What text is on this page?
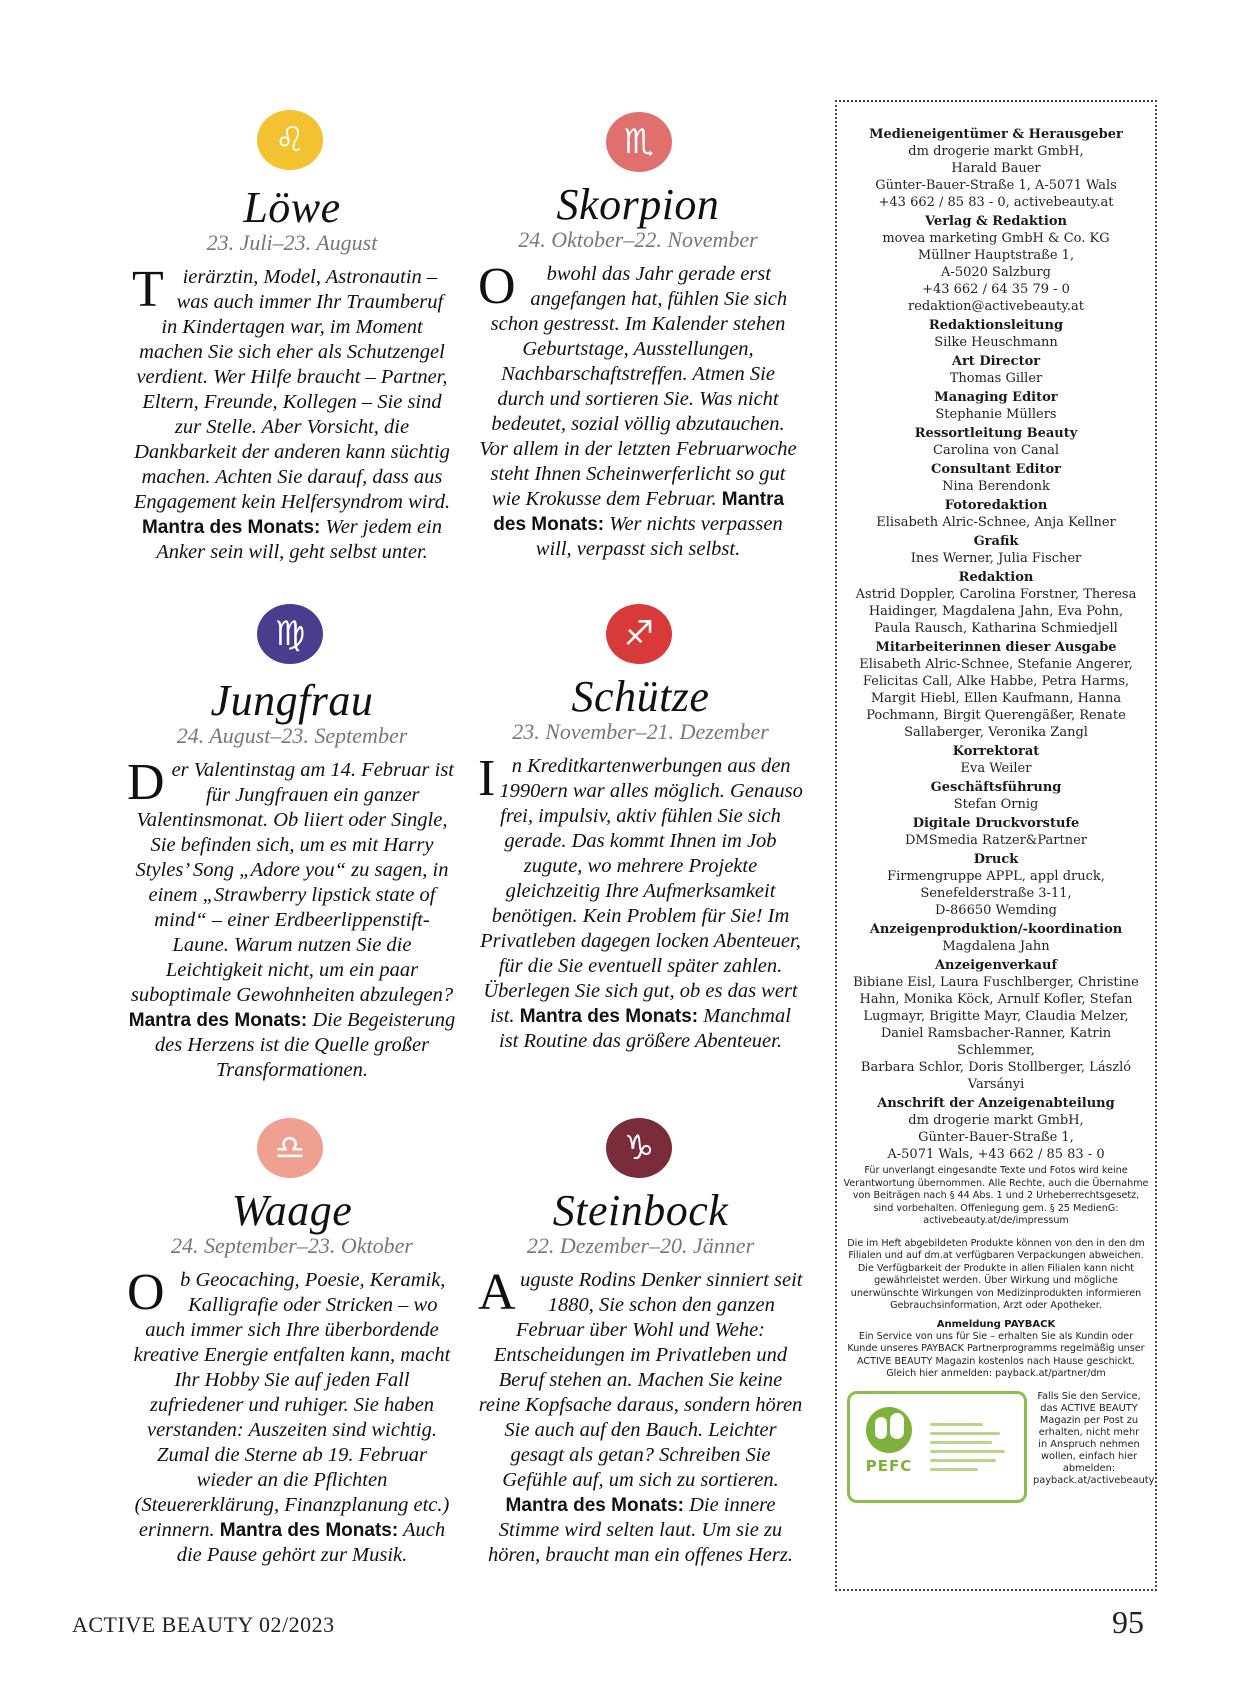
♌
Löwe
23. Juli–23. August
Tierärztin, Model, Astronautin – was auch immer Ihr Traumberuf in Kindertagen war, im Moment machen Sie sich eher als Schutzengel verdient. Wer Hilfe braucht – Partner, Eltern, Freunde, Kollegen – Sie sind zur Stelle. Aber Vorsicht, die Dankbarkeit der anderen kann süchtig machen. Achten Sie darauf, dass aus Engagement kein Helfersyndrom wird. Mantra des Monats: Wer jedem ein Anker sein will, geht selbst unter.
♏
Skorpion
24. Oktober–22. November
O bwohl das Jahr gerade erst angefangen hat, fühlen Sie sich schon gestresst. Im Kalender stehen Geburtstage, Ausstellungen, Nachbarschaftstreffen. Atmen Sie durch und sortieren Sie. Was nicht bedeutet, sozial völlig abzutauchen. Vor allem in der letzten Februarwoche steht Ihnen Scheinwerferlicht so gut wie Krokusse dem Februar. Mantra des Monats: Wer nichts verpassen will, verpasst sich selbst.
♍
Jungfrau
24. August–23. September
Der Valentinstag am 14. Februar ist für Jungfrauen ein ganzer Valentinsmonat. Ob liiert oder Single, Sie befinden sich, um es mit Harry Styles’ Song „Adore you“ zu sagen, in einem „Strawberry lipstick state of mind“ – einer Erdbeerlippenstift-Laune. Warum nutzen Sie die Leichtigkeit nicht, um ein paar suboptimale Gewohnheiten abzulegen? Mantra des Monats: Die Begeisterung des Herzens ist die Quelle großer Transformationen.
♐
Schütze
23. November–21. Dezember
In Kreditkartenwerbungen aus den 1990ern war alles möglich. Genauso frei, impulsiv, aktiv fühlen Sie sich gerade. Das kommt Ihnen im Job zugute, wo mehrere Projekte gleichzeitig Ihre Aufmerksamkeit benötigen. Kein Problem für Sie! Im Privatleben dagegen locken Abenteuer, für die Sie eventuell später zahlen. Überlegen Sie sich gut, ob es das wert ist. Mantra des Monats: Manchmal ist Routine das größere Abenteuer.
♎
Waage
24. September–23. Oktober
Ob Geocaching, Poesie, Keramik, Kalligrafie oder Stricken – wo auch immer sich Ihre überbordende kreative Energie entfalten kann, macht Ihr Hobby Sie auf jeden Fall zufriedener und ruhiger. Sie haben verstanden: Auszeiten sind wichtig. Zumal die Sterne ab 19. Februar wieder an die Pflichten (Steuererklärung, Finanzplanung etc.) erinnern. Mantra des Monats: Auch die Pause gehört zur Musik.
♑
Steinbock
22. Dezember–20. Jänner
Auguste Rodins Denker sinniert seit 1880, Sie schon den ganzen Februar über Wohl und Wehe: Entscheidungen im Privatleben und Beruf stehen an. Machen Sie keine reine Kopfsache daraus, sondern hören Sie auch auf den Bauch. Leichter gesagt als getan? Schreiben Sie Gefühle auf, um sich zu sortieren. Mantra des Monats: Die innere Stimme wird selten laut. Um sie zu hören, braucht man ein offenes Herz.
Medieneigentümer & Herausgeber
dm drogerie markt GmbH,
Harald Bauer
Günter-Bauer-Straße 1, A-5071 Wals
+43 662 / 85 83 - 0, activebeauty.at
Verlag & Redaktion
movea marketing GmbH & Co. KG
Müllner Hauptstraße 1,
A-5020 Salzburg
+43 662 / 64 35 79 - 0
redaktion@activebeauty.at
Redaktionsleitung
Silke Heuschmann
Art Director
Thomas Giller
Managing Editor
Stephanie Müllers
Ressortleitung Beauty
Carolina von Canal
Consultant Editor
Nina Berendonk
Fotoredaktion
Elisabeth Alric-Schnee, Anja Kellner
Grafik
Ines Werner, Julia Fischer
Redaktion
Astrid Doppler, Carolina Forstner, Theresa
Haidinger, Magdalena Jahn, Eva Pohn,
Paula Rausch, Katharina Schmiedjell
Mitarbeiterinnen dieser Ausgabe
Elisabeth Alric-Schnee, Stefanie Angerer,
Felicitas Call, Alke Habbe, Petra Harms,
Margit Hiebl, Ellen Kaufmann, Hanna
Pochmann, Birgit Querengäßer, Renate
Sallaberger, Veronika Zangl
Korrektorat
Eva Weiler
Geschäftsführung
Stefan Ornig
Digitale Druckvorstufe
DMSmedia Ratzer&Partner
Druck
Firmengruppe APPL, appl druck,
Senefelderstraße 3-11,
D-86650 Wemding
Anzeigenproduktion/-koordination
Magdalena Jahn
Anzeigenverkauf
Bibiane Eisl, Laura Fuschlberger, Christine
Hahn, Monika Köck, Arnulf Kofler, Stefan
Lugmayr, Brigitte Mayr, Claudia Melzer,
Daniel Ramsbacher-Ranner, Katrin Schlemmer,
Barbara Schlor, Doris Stollberger, László
Varsányi
Anschrift der Anzeigenabteilung
dm drogerie markt GmbH,
Günter-Bauer-Straße 1,
A-5071 Wals, +43 662 / 85 83 - 0
Für unverlangt eingesandte Texte und Fotos wird keine Verantwortung übernommen. Alle Rechte, auch die Übernahme von Beiträgen nach § 44 Abs. 1 und 2 Urheberrechtsgesetz, sind vorbehalten. Offenlegung gem. § 25 MedienG: activebeauty.at/de/impressum
Die im Heft abgebildeten Produkte können von den in den dm Filialen und auf dm.at verfügbaren Verpackungen abweichen. Die Verfügbarkeit der Produkte in allen Filialen kann nicht gewährleistet werden. Über Wirkung und mögliche unerwünschte Wirkungen von Medizinprodukten informieren Gebrauchsinformation, Arzt oder Apotheker.
Anmeldung PAYBACK
Ein Service von uns für Sie – erhalten Sie als Kundin oder Kunde unseres PAYBACK Partnerprogramms regelmäßig unser ACTIVE BEAUTY Magazin kostenlos nach Hause geschickt. Gleich hier anmelden: payback.at/partner/dm
PEFC
Falls Sie den Service, das ACTIVE BEAUTY Magazin per Post zu erhalten, nicht mehr in Anspruch nehmen wollen, einfach hier abmelden: payback.at/activebeauty
ACTIVE BEAUTY 02/2023	95
